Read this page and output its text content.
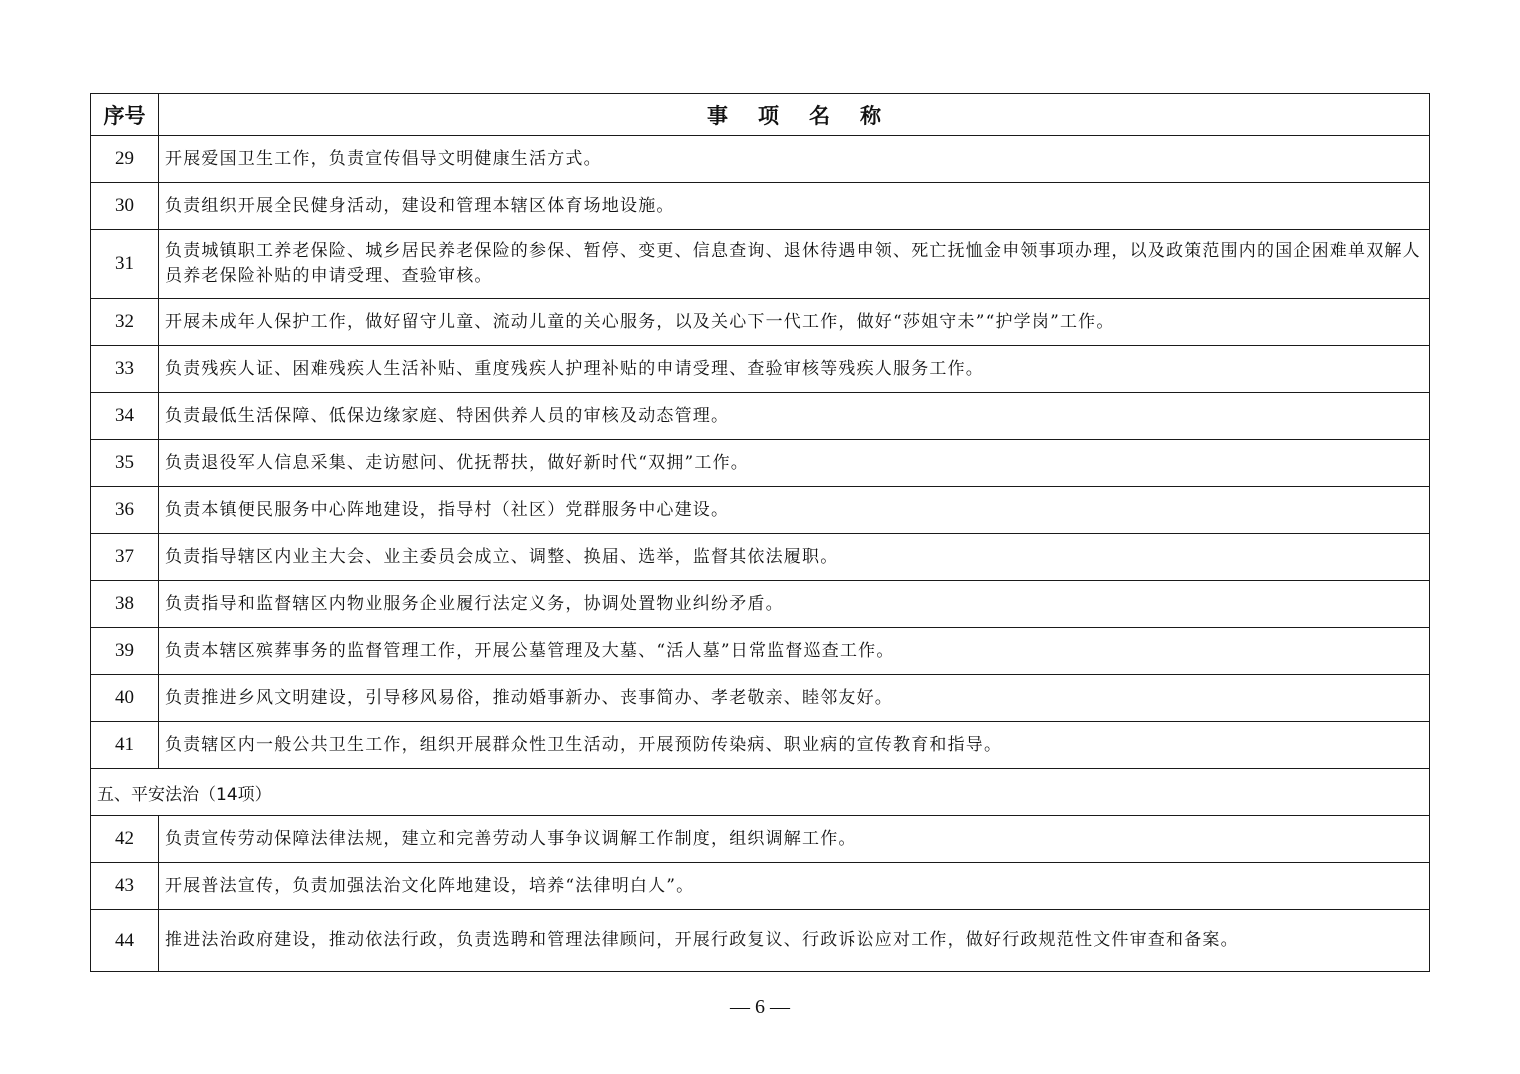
序号	事项名称
29	开展爱国卫生工作，负责宣传倡导文明健康生活方式。
30	负责组织开展全民健身活动，建设和管理本辖区体育场地设施。
31	负责城镇职工养老保险、城乡居民养老保险的参保、暂停、变更、信息查询、退休待遇申领、死亡抚恤金申领事项办理，以及政策范围内的国企困难单双解人员养老保险补贴的申请受理、查验审核。
32	开展未成年人保护工作，做好留守儿童、流动儿童的关心服务，以及关心下一代工作，做好“莎姐守未”“护学岗”工作。
33	负责残疾人证、困难残疾人生活补贴、重度残疾人护理补贴的申请受理、查验审核等残疾人服务工作。
34	负责最低生活保障、低保边缘家庭、特困供养人员的审核及动态管理。
35	负责退役军人信息采集、走访慰问、优抚帮扶，做好新时代“双拥”工作。
36	负责本镇便民服务中心阵地建设，指导村（社区）党群服务中心建设。
37	负责指导辖区内业主大会、业主委员会成立、调整、换届、选举，监督其依法履职。
38	负责指导和监督辖区内物业服务企业履行法定义务，协调处置物业纠纷矛盾。
39	负责本辖区殡葬事务的监督管理工作，开展公墓管理及大墓、“活人墓”日常监督巡查工作。
40	负责推进乡风文明建设，引导移风易俗，推动婚事新办、丧事简办、孝老敬亲、睦邻友好。
41	负责辖区内一般公共卫生工作，组织开展群众性卫生活动，开展预防传染病、职业病的宣传教育和指导。
五、平安法治（14项）	
42	负责宣传劳动保障法律法规，建立和完善劳动人事争议调解工作制度，组织调解工作。
43	开展普法宣传，负责加强法治文化阵地建设，培养“法律明白人”。
44	推进法治政府建设，推动依法行政，负责选聘和管理法律顾问，开展行政复议、行政诉讼应对工作，做好行政规范性文件审查和备案。
— 6 —
